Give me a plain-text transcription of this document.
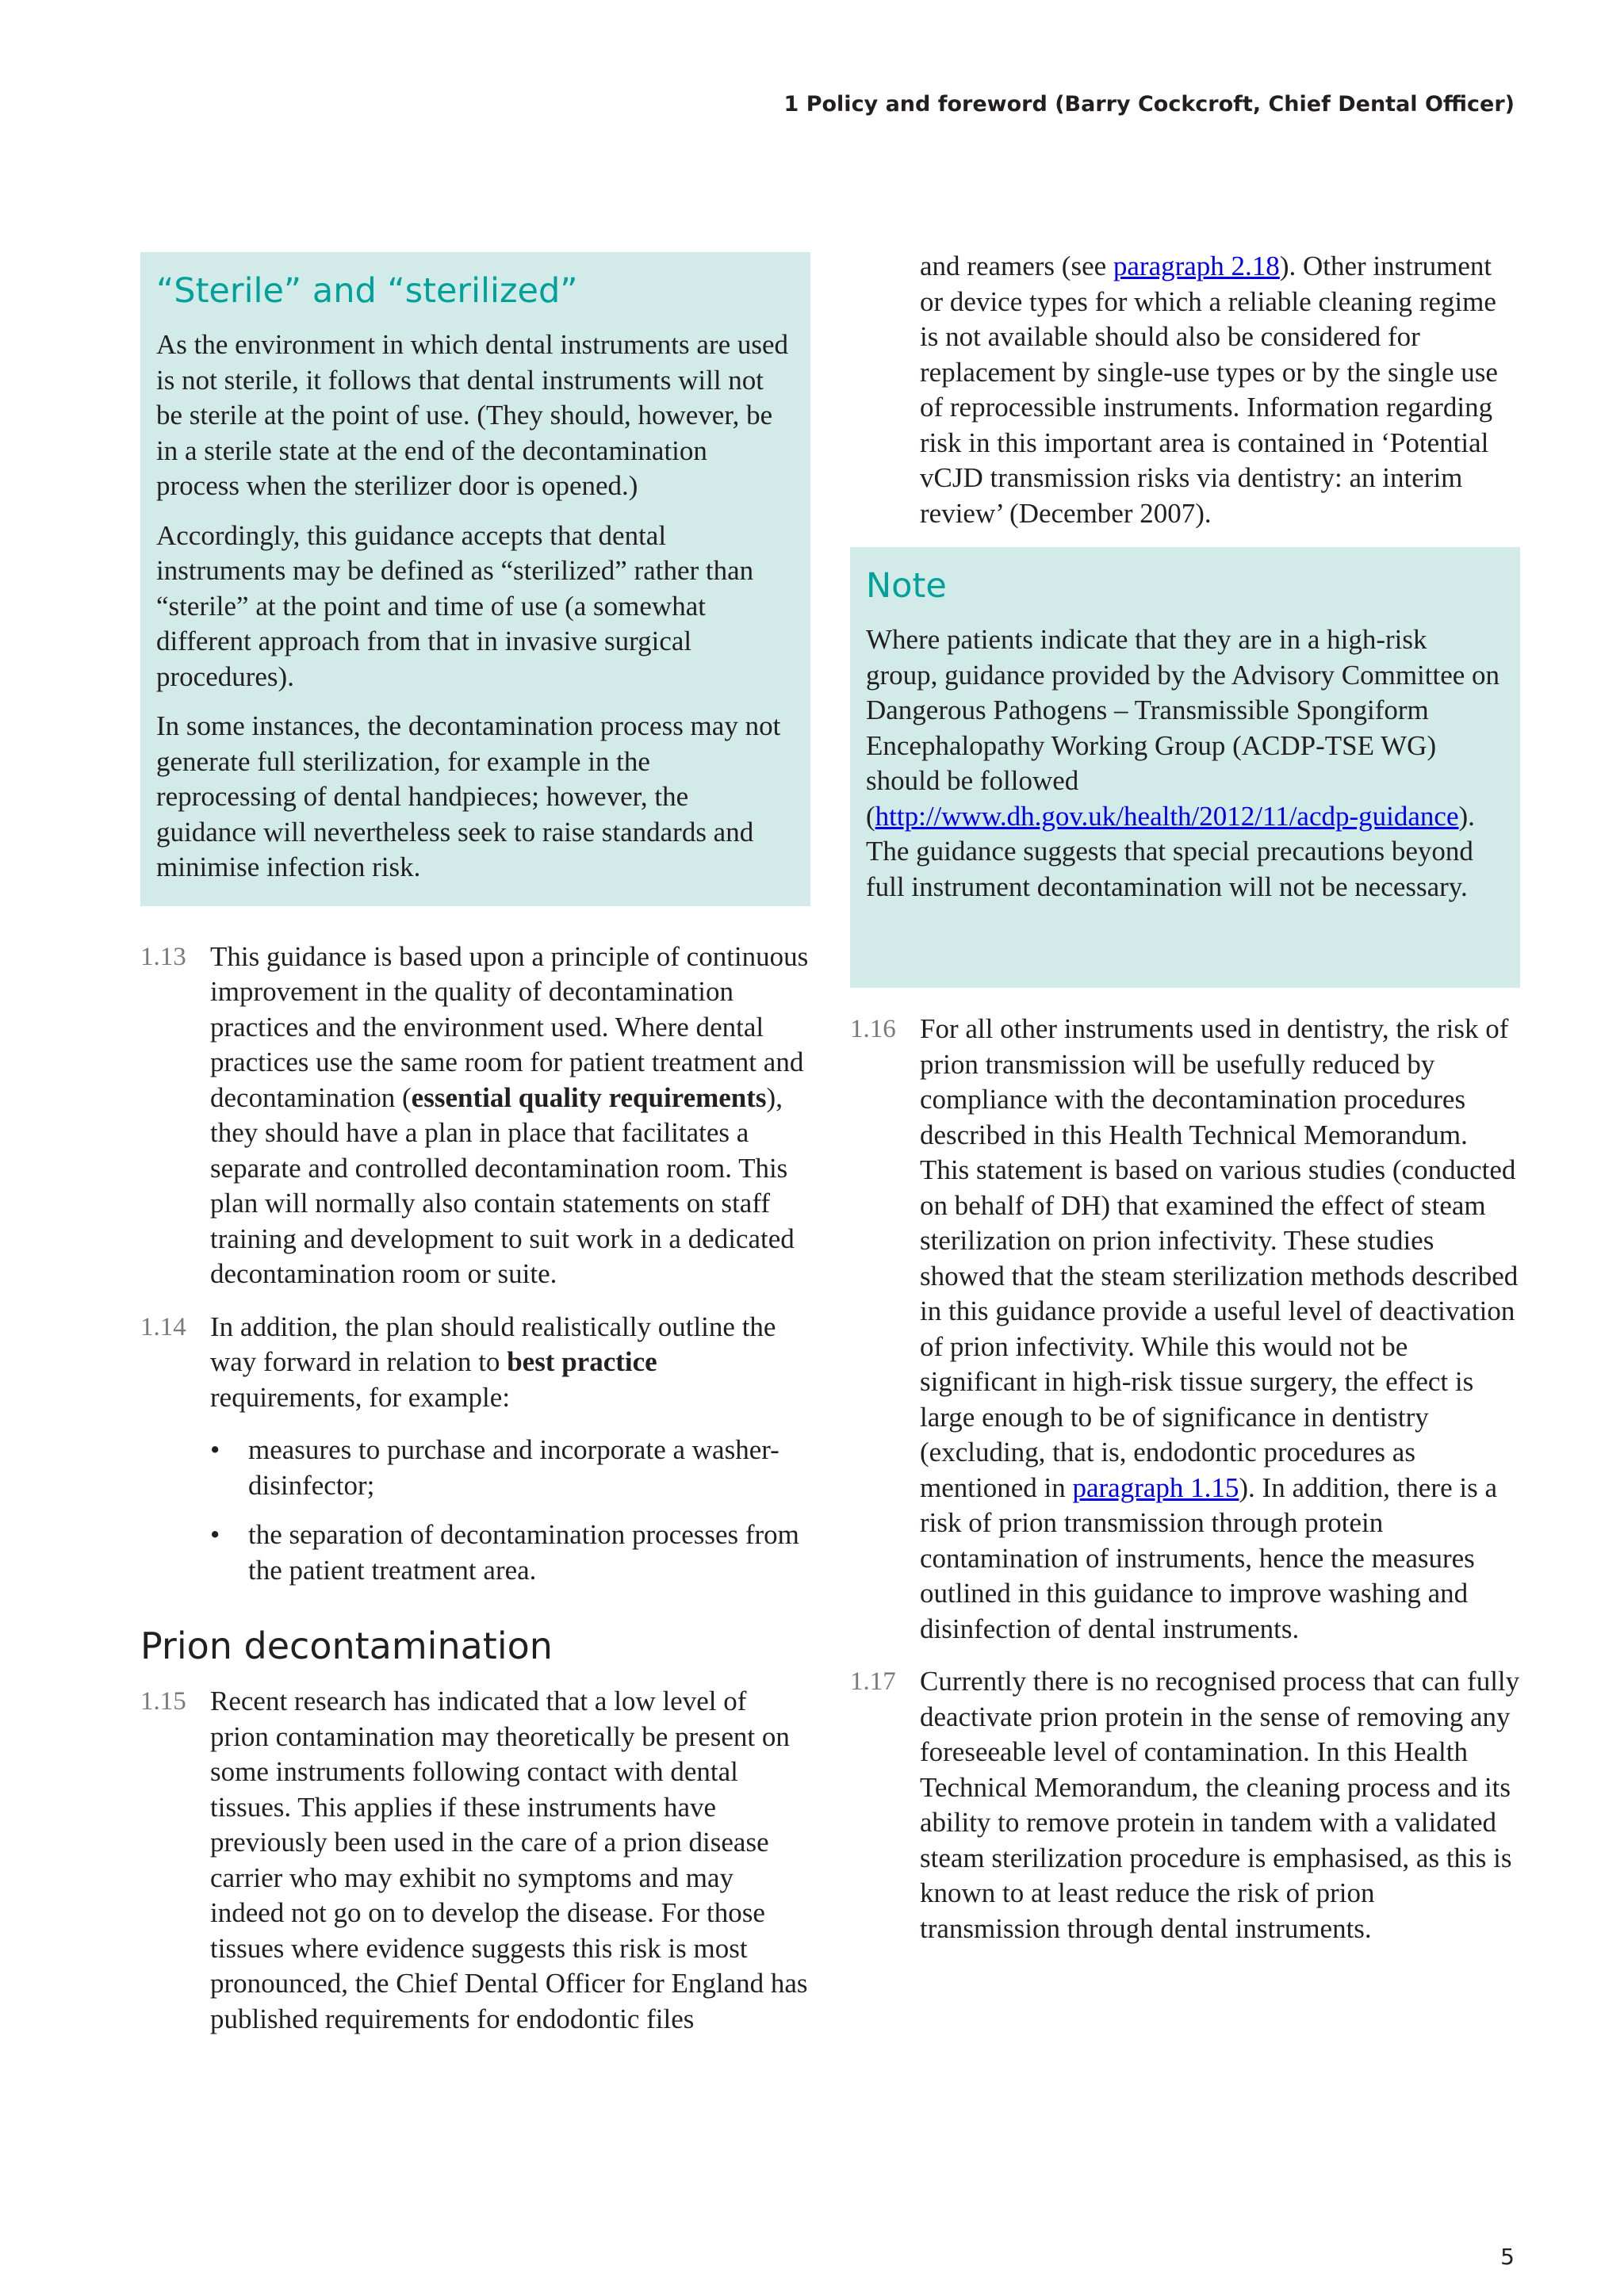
1 Policy and foreword (Barry Cockcroft, Chief Dental Officer)
“Sterile” and “sterilized”

As the environment in which dental instruments are used is not sterile, it follows that dental instruments will not be sterile at the point of use. (They should, however, be in a sterile state at the end of the decontamination process when the sterilizer door is opened.)

Accordingly, this guidance accepts that dental instruments may be defined as “sterilized” rather than “sterile” at the point and time of use (a somewhat different approach from that in invasive surgical procedures).

In some instances, the decontamination process may not generate full sterilization, for example in the reprocessing of dental handpieces; however, the guidance will nevertheless seek to raise standards and minimise infection risk.

1.13 This guidance is based upon a principle of continuous improvement in the quality of decontamination practices and the environment used. Where dental practices use the same room for patient treatment and decontamination (essential quality requirements), they should have a plan in place that facilitates a separate and controlled decontamination room. This plan will normally also contain statements on staff training and development to suit work in a dedicated decontamination room or suite.
1.14 In addition, the plan should realistically outline the way forward in relation to best practice requirements, for example:
•	measures to purchase and incorporate a washer-disinfector;
•	the separation of decontamination processes from the patient treatment area.
Prion decontamination
1.15 Recent research has indicated that a low level of prion contamination may theoretically be present on some instruments following contact with dental tissues. This applies if these instruments have previously been used in the care of a prion disease carrier who may exhibit no symptoms and may indeed not go on to develop the disease. For those tissues where evidence suggests this risk is most pronounced, the Chief Dental Officer for England has published requirements for endodontic files
and reamers (see paragraph 2.18). Other instrument or device types for which a reliable cleaning regime is not available should also be considered for replacement by single-use types or by the single use of reprocessible instruments. Information regarding risk in this important area is contained in ‘Potential vCJD transmission risks via dentistry: an interim review’ (December 2007).
Note

Where patients indicate that they are in a high-risk group, guidance provided by the Advisory Committee on Dangerous Pathogens – Transmissible Spongiform Encephalopathy Working Group (ACDP-TSE WG) should be followed (http://www.dh.gov.uk/health/2012/11/acdp-guidance). The guidance suggests that special precautions beyond full instrument decontamination will not be necessary.

1.16 For all other instruments used in dentistry, the risk of prion transmission will be usefully reduced by compliance with the decontamination procedures described in this Health Technical Memorandum. This statement is based on various studies (conducted on behalf of DH) that examined the effect of steam sterilization on prion infectivity. These studies showed that the steam sterilization methods described in this guidance provide a useful level of deactivation of prion infectivity. While this would not be significant in high-risk tissue surgery, the effect is large enough to be of significance in dentistry (excluding, that is, endodontic procedures as mentioned in paragraph 1.15). In addition, there is a risk of prion transmission through protein contamination of instruments, hence the measures outlined in this guidance to improve washing and disinfection of dental instruments.
1.17 Currently there is no recognised process that can fully deactivate prion protein in the sense of removing any foreseeable level of contamination. In this Health Technical Memorandum, the cleaning process and its ability to remove protein in tandem with a validated steam sterilization procedure is emphasised, as this is known to at least reduce the risk of prion transmission through dental instruments.
5
